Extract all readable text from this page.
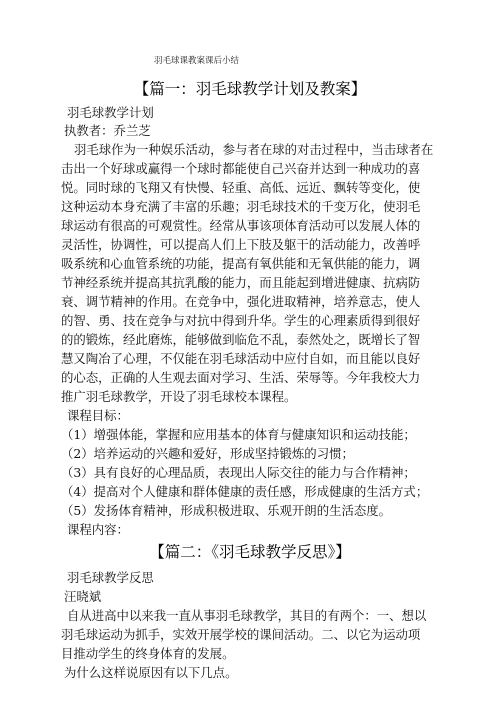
羽毛球课教案课后小结
【篇一：羽毛球教学计划及教案】
羽毛球教学计划
执教者：乔兰芝
羽毛球作为一种娱乐活动，参与者在球的对击过程中，当击球者在
击出一个好球或赢得一个球时都能使自己兴奋并达到一种成功的喜
悦。同时球的飞翔又有快慢、轻重、高低、远近、飘转等变化，使
这种运动本身充满了丰富的乐趣；羽毛球技术的千变万化，使羽毛
球运动有很高的可观赏性。经常从事该项体育活动可以发展人体的
灵活性，协调性，可以提高人们上下肢及躯干的活动能力，改善呼
吸系统和心血管系统的功能，提高有氧供能和无氧供能的能力，调
节神经系统并提高其抗乳酸的能力，而且能起到增进健康、抗病防
衰、调节精神的作用。在竞争中，强化进取精神，培养意志，使人
的智、勇、技在竞争与对抗中得到升华。学生的心理素质得到很好
的的锻炼，经此磨炼，能够做到临危不乱，泰然处之，既增长了智
慧又陶冶了心理，不仅能在羽毛球活动中应付自如，而且能以良好
的心态，正确的人生观去面对学习、生活、荣辱等。今年我校大力
推广羽毛球教学，开设了羽毛球校本课程。
课程目标：
（1）增强体能，掌握和应用基本的体育与健康知识和运动技能；
（2）培养运动的兴趣和爱好，形成坚持锻炼的习惯；
（3）具有良好的心理品质，表现出人际交往的能力与合作精神；
（4）提高对个人健康和群体健康的责任感，形成健康的生活方式；
（5）发扬体育精神，形成积极进取、乐观开朗的生活态度。
课程内容：
【篇二：《羽毛球教学反思》】
羽毛球教学反思
汪晓斌
自从进高中以来我一直从事羽毛球教学，其目的有两个：一、想以
羽毛球运动为抓手，实效开展学校的课间活动。二、以它为运动项
目推动学生的终身体育的发展。
为什么这样说原因有以下几点。
